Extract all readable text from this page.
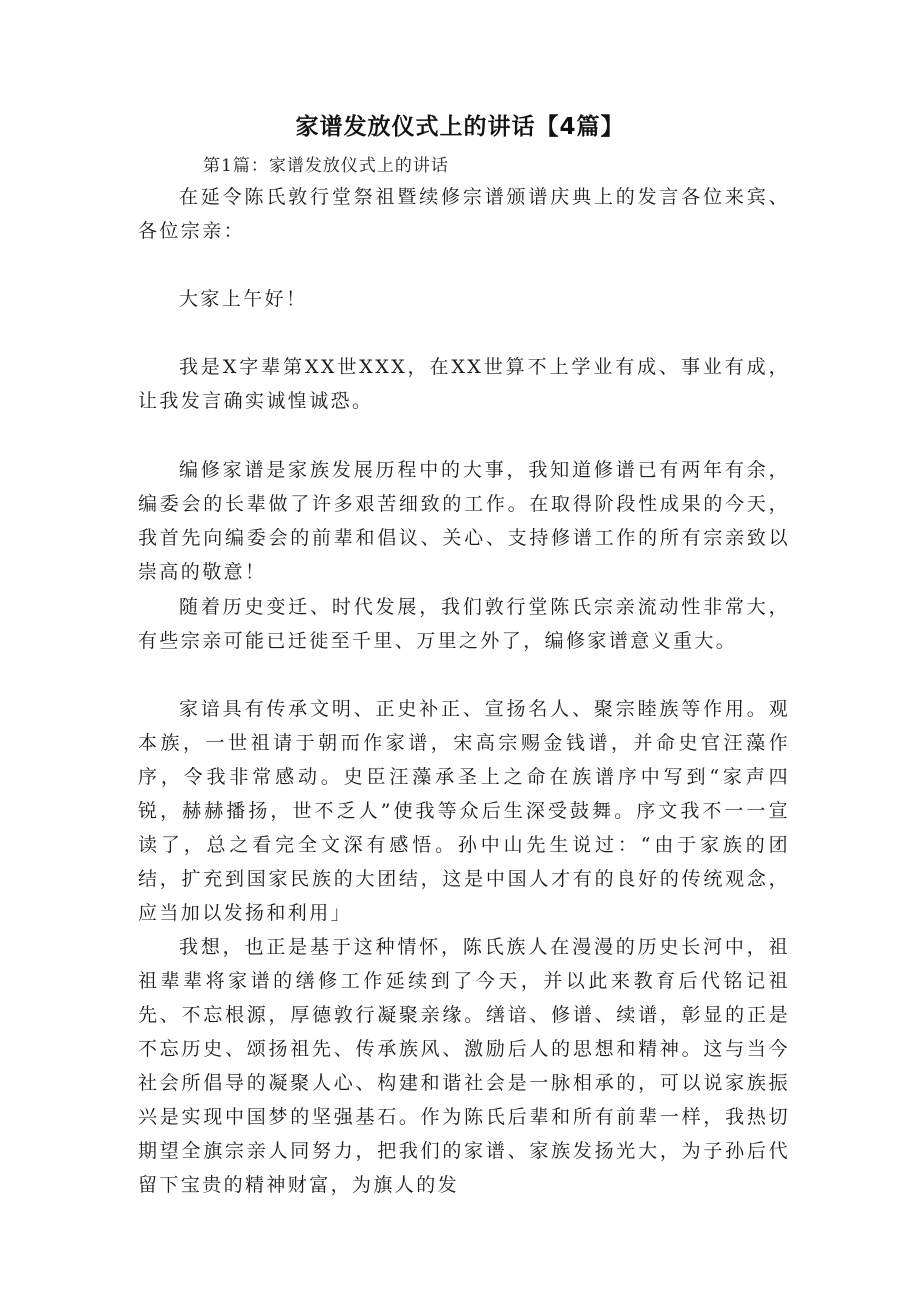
家谱发放仪式上的讲话【4篇】
第1篇：家谱发放仪式上的讲话

在延令陈氏敦行堂祭祖暨续修宗谱颁谱庆典上的发言各位来宾、各位宗亲：

大家上午好！

我是X字辈第XX世XXX，在XX世算不上学业有成、事业有成，让我发言确实诚惶诚恐。

编修家谱是家族发展历程中的大事，我知道修谱已有两年有余，编委会的长辈做了许多艰苦细致的工作。在取得阶段性成果的今天，我首先向编委会的前辈和倡议、关心、支持修谱工作的所有宗亲致以崇高的敬意！

随着历史变迁、时代发展，我们敦行堂陈氏宗亲流动性非常大，有些宗亲可能已迁徙至千里、万里之外了，编修家谱意义重大。

家谙具有传承文明、正史补正、宣扬名人、聚宗睦族等作用。观本族，一世祖请于朝而作家谱，宋高宗赐金钱谱，并命史官汪藻作序，令我非常感动。史臣汪藻承圣上之命在族谱序中写到“家声四锐，赫赫播扬，世不乏人”使我等众后生深受鼓舞。序文我不一一宣读了，总之看完全文深有感悟。孙中山先生说过：“由于家族的团结，扩充到国家民族的大团结，这是中国人才有的良好的传统观念，应当加以发扬和利用」

我想，也正是基于这种情怀，陈氏族人在漫漫的历史长河中，祖祖辈辈将家谱的缮修工作延续到了今天，并以此来教育后代铭记祖先、不忘根源，厚德敦行凝聚亲缘。缮谙、修谱、续谱，彰显的正是不忘历史、颂扬祖先、传承族风、激励后人的思想和精神。这与当今社会所倡导的凝聚人心、构建和谐社会是一脉相承的，可以说家族振兴是实现中国梦的坚强基石。作为陈氏后辈和所有前辈一样，我热切期望全旗宗亲人同努力，把我们的家谱、家族发扬光大，为子孙后代留下宝贵的精神财富，为旗人的发
